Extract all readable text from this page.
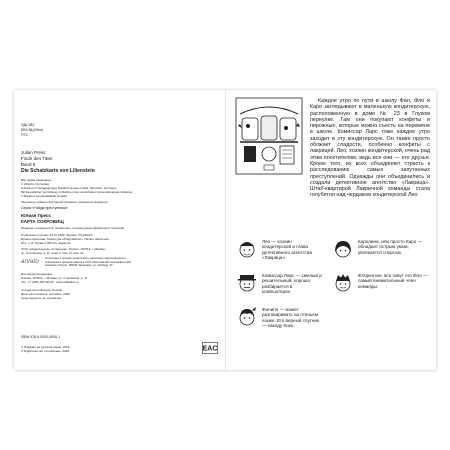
УДК 082
ББК 84(4Гем)
П73
Julian Press
Finde den Täter
Band 9
Die Schatzkarte von Lilienstein
Все права защищены.
© 2014 by cbj Verlag,
a division of Verlagsgruppe Random House GmbH, München, Germany.
Mit freundlicher Vermittlung im Rahmen des vereinbarten Verwendungsgrundsatzes.
© Random House/Isabelle Grubert
Печатное издание для детей среднего школьного возраста
Серия «Найди преступника»
Юлиан Пресс
КАРТА СОКРОВИЩ
Перевод с немецкого Е. Храмченко, литературная обработка И. Капуской
Подписано в печать 14.07.2022. Формат 70х100/16.
Бумага офсетная. Гарнитура «PragmaticaC». Печать офсетная.
Печ. л. 8. Тираж 6 000 экз. Заказ №
ООО «Издательство «Страхлев». Россия, 107014, г. Москва,
ул. Стромынка, д. 11, этаж 2, пом. III, ком. 11.
arvato
Отпечатано в полном соответствии с качеством предоставленного
электронного оригинал-макета в ООО «Ярославский полиграфический
комбинат» Россия, 150049, Ярославль, ул. Свободы, 97
Для корреспонденции:
Россия, 107014, г. Москва, ул. Стромынка, д. 11
Тел. +7 (495) 000-00-00 · www.strakhlev.ru
Страна изготовления: Россия
Дата изготовления: сентябрь, 2022
Срок годности: не ограничен
ISBN 978-5-0000-0000-1
© Издание на русском языке, 2022
© Издательство «Страхлев», 2022	EAC
Каждое утро по пути в школу Фил, Фло и Каро заглядывают в маленькую кондитерскую, расположенную в доме № 23 в Глухом переулке. Там они покупают конфеты и пирожные, которые можно съесть на перемене в школе. Комиссар Ларс тоже каждое утро заходит в эту кондитерскую. Он также просто обожает сладости, особенно конфеты с лакрицей. Лео, хозяин кондитерской, очень рад этим посетителям, ведь все они — его друзья. Кроме того, их всех объединяет страсть к расследованию самых запутанных преступлений. Однажды они объединились и создали детективное агентство «Лакрица». Штаб-квартирой Лакричной команды стала голубятня над чердаком кондитерской Лео.
Лео — хозяин кондитерской и глава детективного агентства «Лакрица».
Каролина, или просто Каро — обладает острым умом, увлекается спортом.
Комиссар Ларс — смелый и решительный, хорошо разбирается в компьютерах.
Флорентин, все зовут его Фло — самый внимательный член команды.
Филипп — может разговаривать на птичьем языке. Его верный спутник — какаду Коко.
